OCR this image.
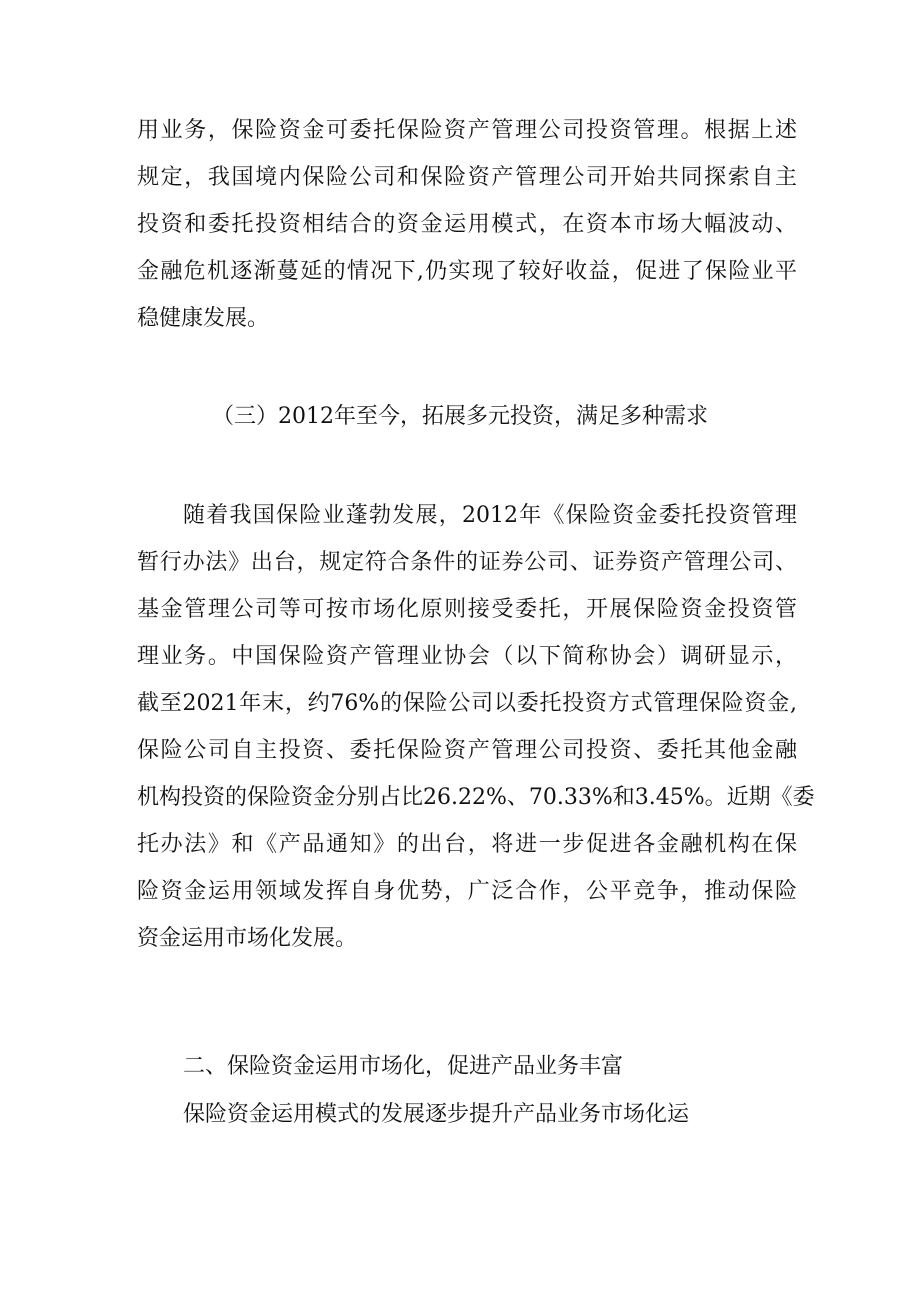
用业务，保险资金可委托保险资产管理公司投资管理。根据上述
规定，我国境内保险公司和保险资产管理公司开始共同探索自主
投资和委托投资相结合的资金运用模式，在资本市场大幅波动、
金融危机逐渐蔓延的情况下,仍实现了较好收益，促进了保险业平
稳健康发展。
（三）2012年至今，拓展多元投资，满足多种需求
随着我国保险业蓬勃发展，2012年《保险资金委托投资管理
暂行办法》出台，规定符合条件的证券公司、证券资产管理公司、
基金管理公司等可按市场化原则接受委托，开展保险资金投资管
理业务。中国保险资产管理业协会（以下简称协会）调研显示，
截至2021年末，约76%的保险公司以委托投资方式管理保险资金,
保险公司自主投资、委托保险资产管理公司投资、委托其他金融
机构投资的保险资金分别占比26.22%、70.33%和3.45%。近期《委
托办法》和《产品通知》的出台，将进一步促进各金融机构在保
险资金运用领域发挥自身优势，广泛合作，公平竞争，推动保险
资金运用市场化发展。
二、保险资金运用市场化，促进产品业务丰富
保险资金运用模式的发展逐步提升产品业务市场化运
